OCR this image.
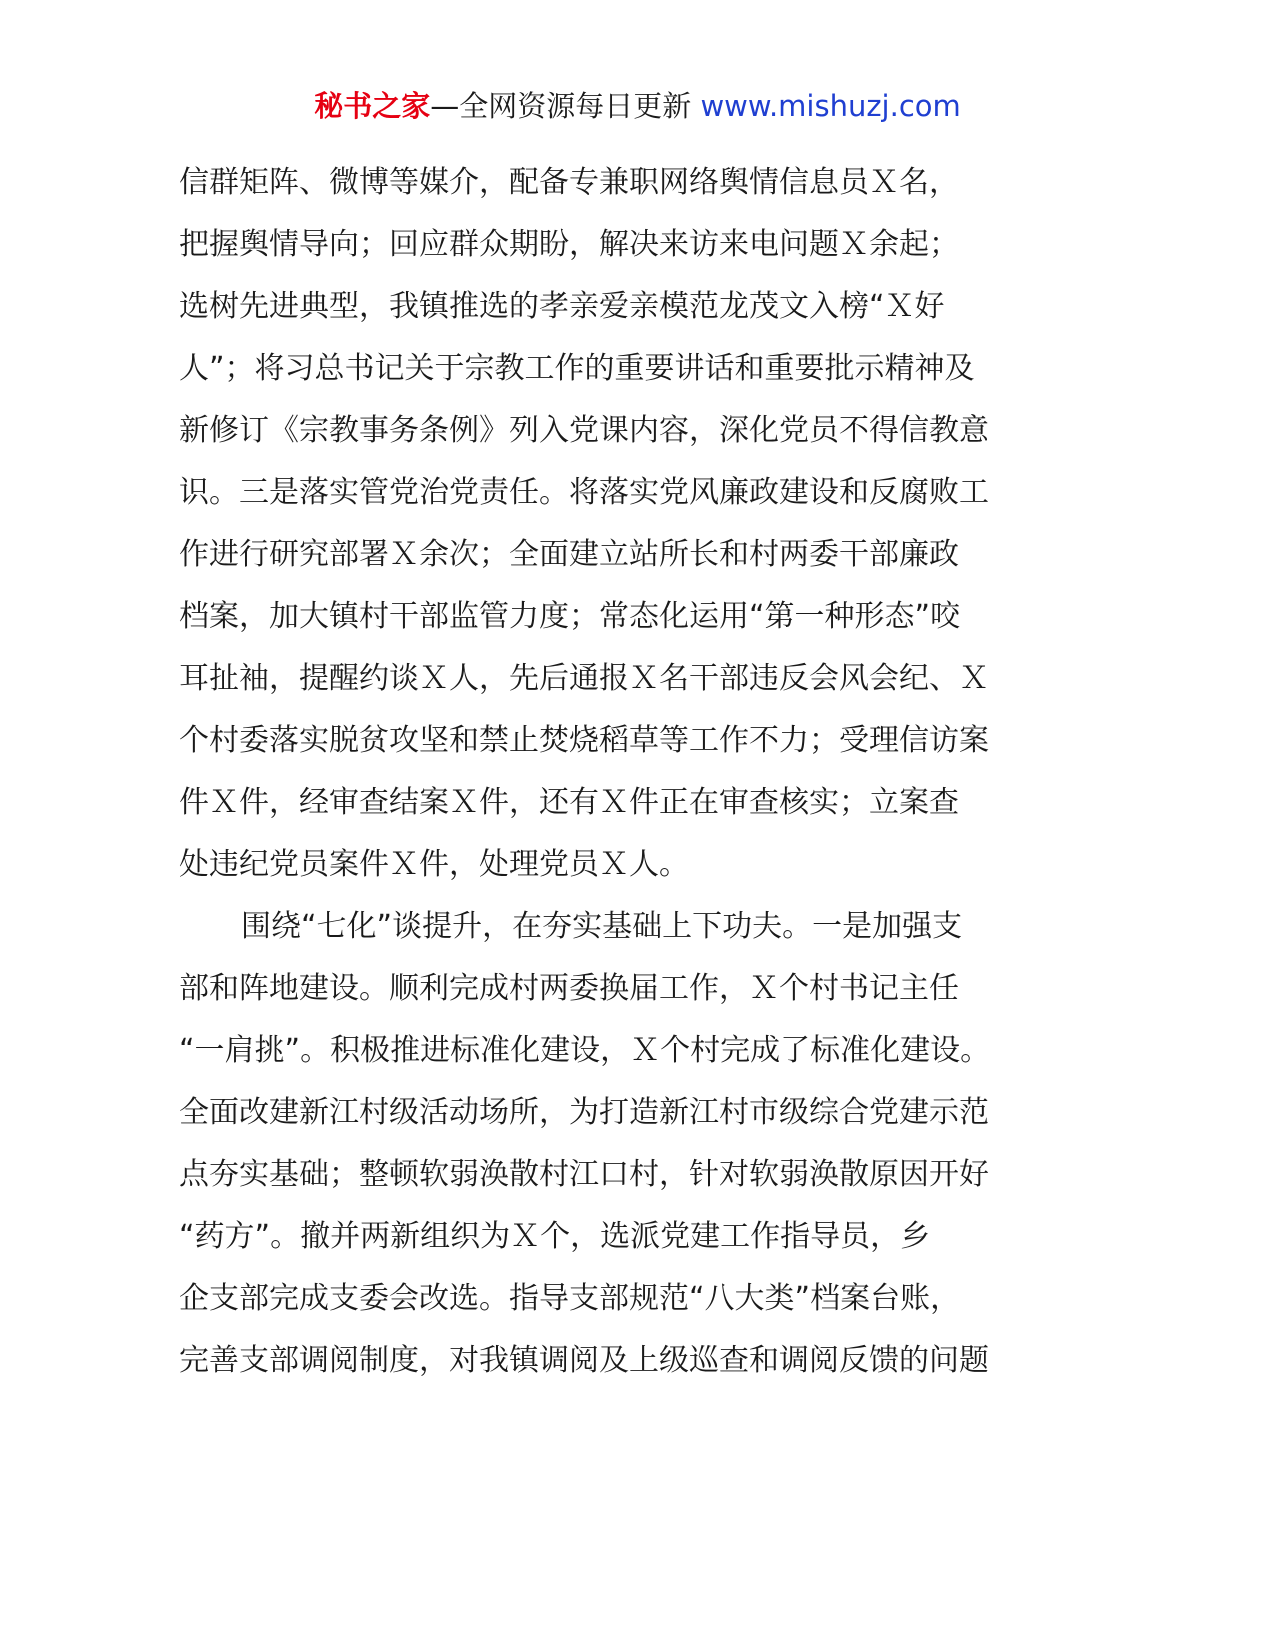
秘书之家—全网资源每日更新 www.mishuzj.com
信群矩阵、微博等媒介，配备专兼职网络舆情信息员Ｘ名，
把握舆情导向；回应群众期盼，解决来访来电问题Ｘ余起；
选树先进典型，我镇推选的孝亲爱亲模范龙茂文入榜“Ｘ好
人”；将习总书记关于宗教工作的重要讲话和重要批示精神及
新修订《宗教事务条例》列入党课内容，深化党员不得信教意
识。三是落实管党治党责任。将落实党风廉政建设和反腐败工
作进行研究部署Ｘ余次；全面建立站所长和村两委干部廉政
档案，加大镇村干部监管力度；常态化运用“第一种形态”咬
耳扯袖，提醒约谈Ｘ人，先后通报Ｘ名干部违反会风会纪、Ｘ
个村委落实脱贫攻坚和禁止焚烧稻草等工作不力；受理信访案
件Ｘ件，经审查结案Ｘ件，还有Ｘ件正在审查核实；立案查
处违纪党员案件Ｘ件，处理党员Ｘ人。
围绕“七化”谈提升，在夯实基础上下功夫。一是加强支
部和阵地建设。顺利完成村两委换届工作，Ｘ个村书记主任
“一肩挑”。积极推进标准化建设，Ｘ个村完成了标准化建设。
全面改建新江村级活动场所，为打造新江村市级综合党建示范
点夯实基础；整顿软弱涣散村江口村，针对软弱涣散原因开好
“药方”。撤并两新组织为Ｘ个，选派党建工作指导员，乡
企支部完成支委会改选。指导支部规范“八大类”档案台账，
完善支部调阅制度，对我镇调阅及上级巡查和调阅反馈的问题
